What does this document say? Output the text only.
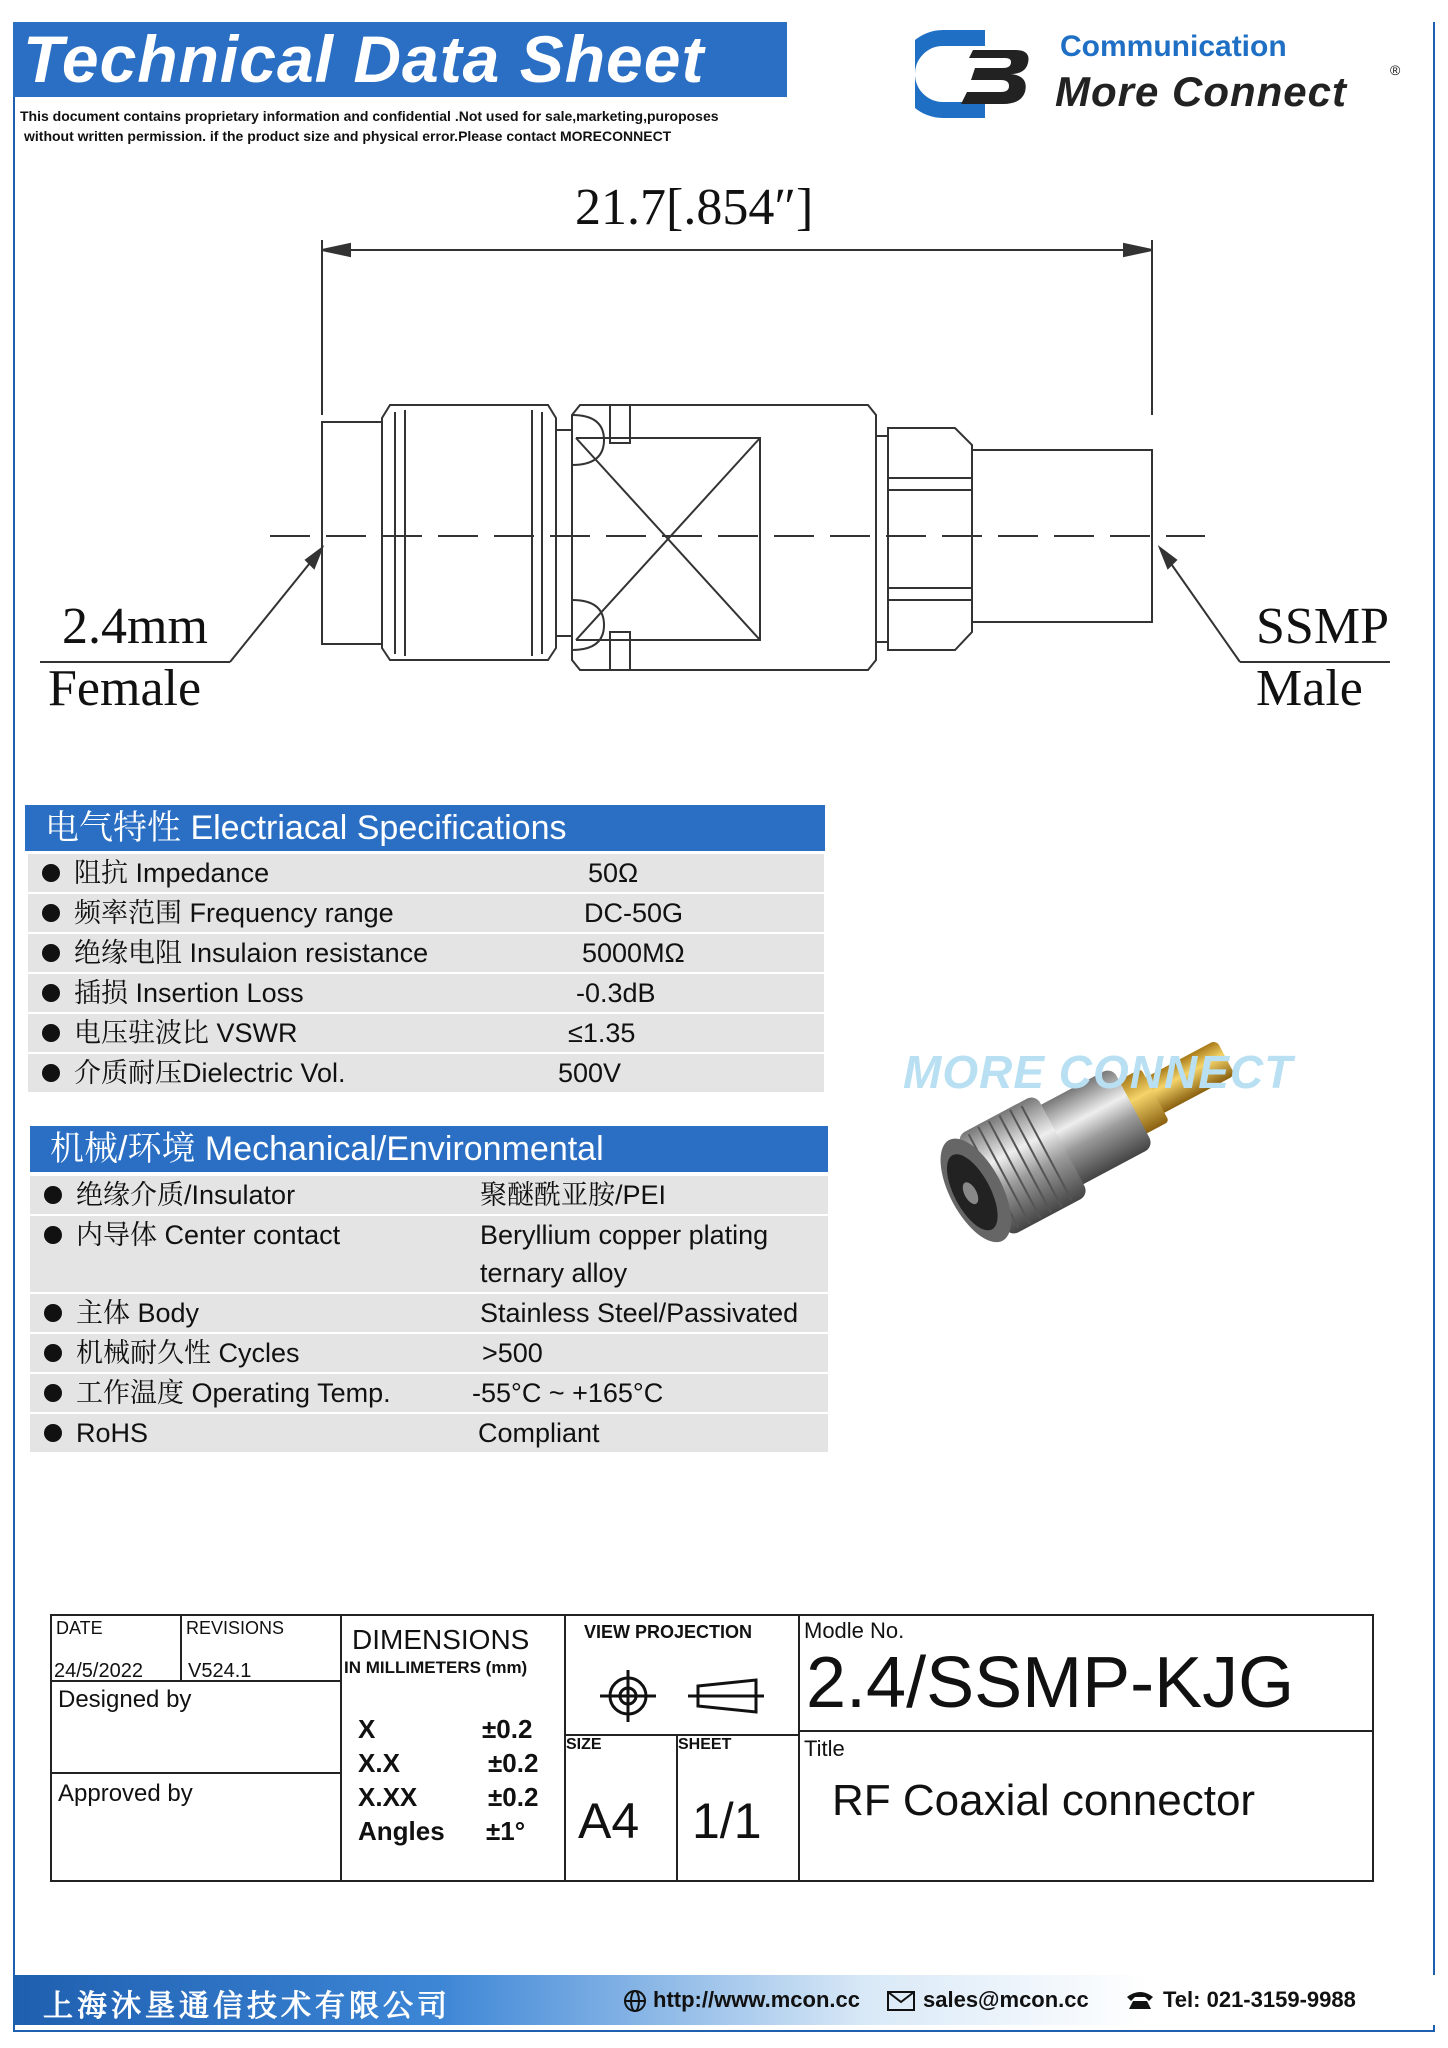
Technical Data Sheet
This document contains proprietary information and confidential .Not used for sale,marketing,puroposes
without written permission. if the product size and physical error.Please contact MORECONNECT
Communication
More Connect	®
21.7[.854″]
2.4mm
Female
SSMP
Male
电气特性 Electriacal Specifications
阻抗 Impedance	50Ω
频率范围 Frequency range	DC-50G
绝缘电阻 Insulaion resistance	5000MΩ
插损 Insertion Loss	-0.3dB
电压驻波比 VSWR	≤1.35
介质耐压Dielectric Vol.	500V
机械/环境 Mechanical/Environmental
绝缘介质/Insulator	聚醚酰亚胺/PEI
内导体 Center contact	Beryllium copper plating
ternary alloy
主体 Body	Stainless Steel/Passivated
机械耐久性 Cycles	>500
工作温度 Operating Temp.	-55°C ~ +165°C
RoHS	Compliant
MORE CONNECT
DATE
24/5/2022
REVISIONS
V524.1
Designed by
Approved by
DIMENSIONS
IN MILLIMETERS (mm)
X	±0.2
X.X	±0.2
X.XX	±0.2
Angles ±1°
VIEW PROJECTION
SIZE
A4
SHEET
1/1
Modle No.
2.4/SSMP-KJG
Title
RF Coaxial connector
上海沐垦通信技术有限公司	http://www.mcon.cc	sales@mcon.cc	Tel: 021-3159-9988
